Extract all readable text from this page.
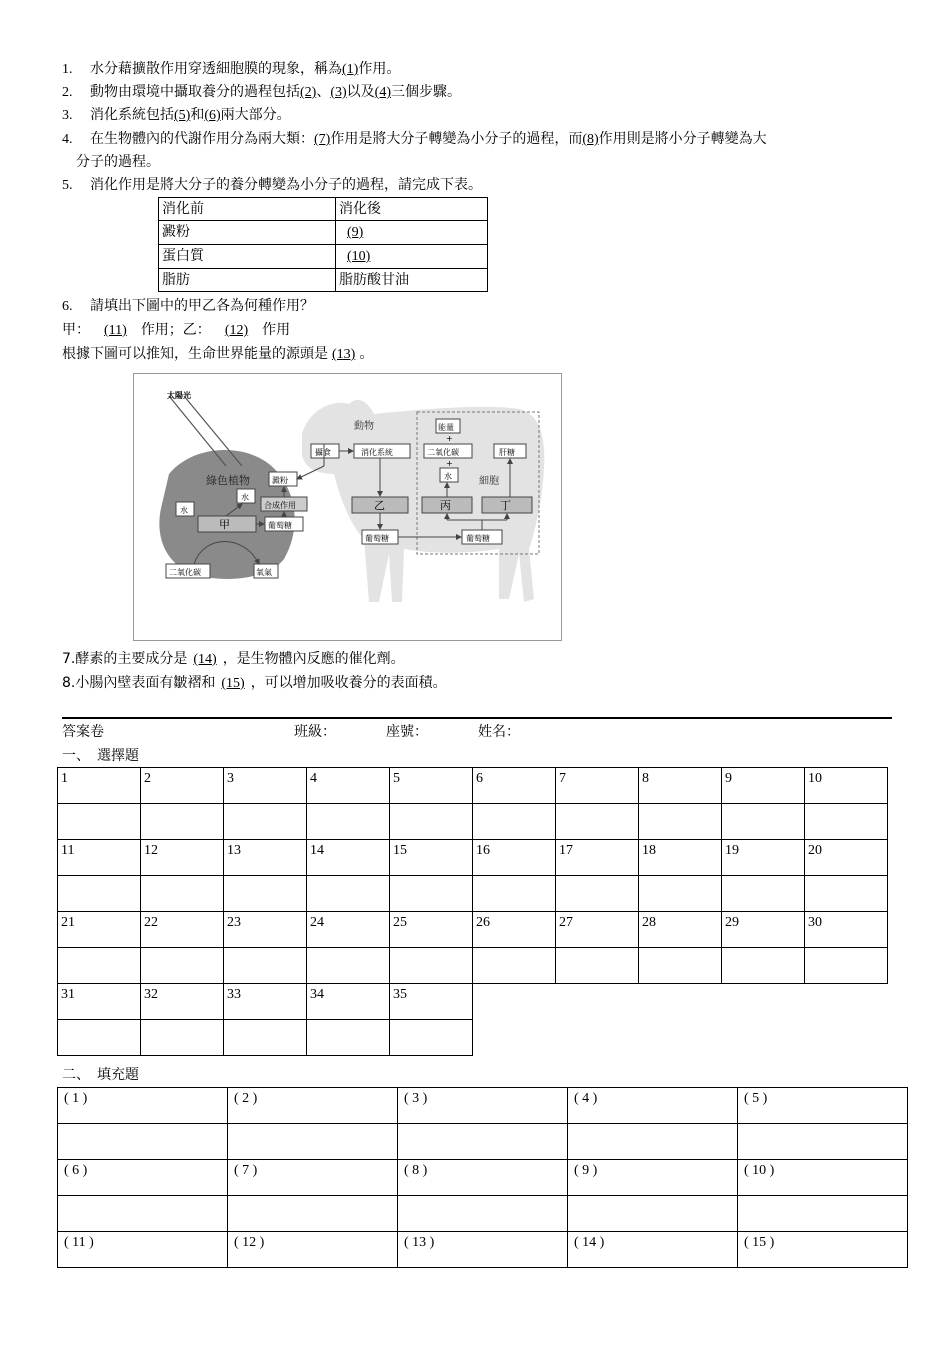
1. 水分藉擴散作用穿透細胞膜的現象，稱為(1)作用。
2. 動物由環境中攝取養分的過程包括(2)、(3)以及(4)三個步驟。
3. 消化系統包括(5)和(6)兩大部分。
4. 在生物體內的代謝作用分為兩大類：(7)作用是將大分子轉變為小分子的過程，而(8)作用則是將小分子轉變為大
分子的過程。
5. 消化作用是將大分子的養分轉變為小分子的過程，請完成下表。
消化前	消化後
澱粉	(9)
蛋白質	(10)
脂肪	脂肪酸甘油
6. 請填出下圖中的甲乙各為何種作用？
甲： (11) 作用；乙： (12) 作用
根據下圖可以推知，生命世界能量的源頭是 (13) 。
太陽光
綠色植物
動物
細胞
水
甲
水
澱粉
合成作用
葡萄糖
二氧化碳	氧氣
攝食	消化系統
乙
葡萄糖
能量
+
二氧化碳
+
水
丙	丁
肝糖
葡萄糖
7.酵素的主要成分是 (14) ，是生物體內反應的催化劑。
8.小腸內壁表面有皺褶和 (15) ，可以增加吸收養分的表面積。
答案卷	班級：	座號：	姓名：
一、　選擇題
1	2	3	4	5	6	7	8	9	10

11	12	13	14	15	16	17	18	19	20

21	22	23	24	25	26	27	28	29	30

31	32	33	34	35					

二、　填充題
( 1 )	( 2 )	( 3 )	( 4 )	( 5 )

( 6 )	( 7 )	( 8 )	( 9 )	( 10 )

( 11 )	( 12 )	( 13 )	( 14 )	( 15 )
